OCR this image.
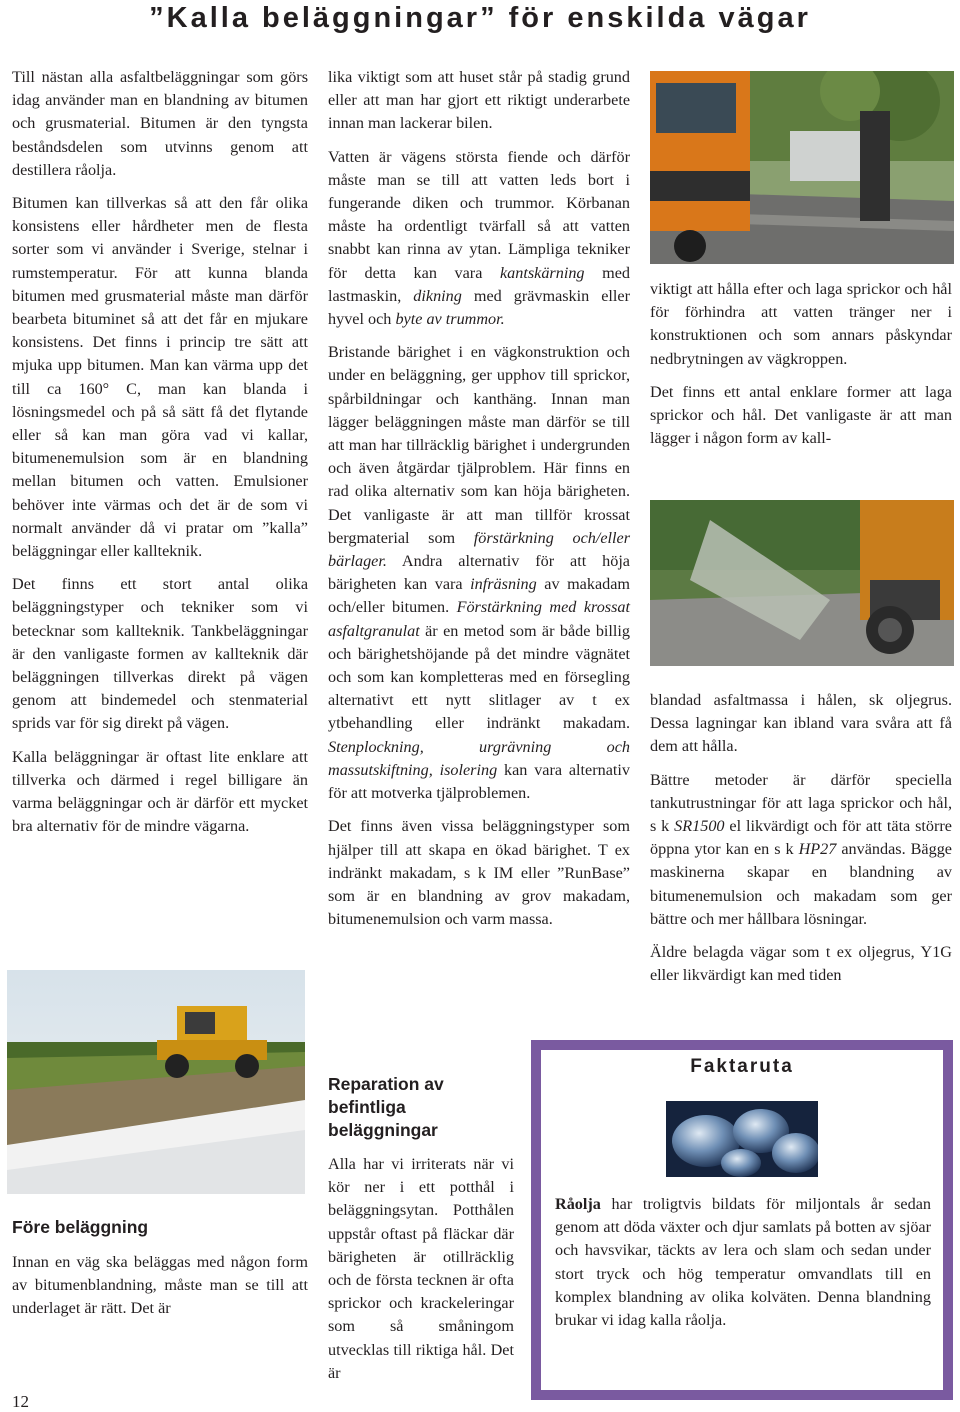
”Kalla beläggningar” för enskilda vägar

Till nästan alla asfaltbeläggningar som görs idag använder man en blandning av bitumen och grusmaterial. Bitumen är den tyngsta beståndsdelen som utvinns genom att destillera råolja.

Bitumen kan tillverkas så att den får olika konsistens eller hårdheter men de flesta sorter som vi använder i Sverige, stelnar i rumstemperatur. För att kunna blanda bitumen med grusmaterial måste man därför bearbeta bituminet så att det får en mjukare konsistens. Det finns i princip tre sätt att mjuka upp bitumen. Man kan värma upp det till ca 160° C, man kan blanda i lösningsmedel och på så sätt få det flytande eller så kan man göra vad vi kallar, bitumenemulsion som är en blandning mellan bitumen och vatten. Emulsioner behöver inte värmas och det är de som vi normalt använder då vi pratar om ”kalla” beläggningar eller kallteknik.

Det finns ett stort antal olika beläggningstyper och tekniker som vi betecknar som kallteknik. Tankbeläggningar är den vanligaste formen av kallteknik där beläggningen tillverkas direkt på vägen genom att bindemedel och stenmaterial sprids var för sig direkt på vägen.

Kalla beläggningar är oftast lite enklare att tillverka och därmed i regel billigare än varma beläggningar och är därför ett mycket bra alternativ för de mindre vägarna.

Före beläggning

Innan en väg ska beläggas med någon form av bitumenblandning, måste man se till att underlaget är rätt. Det är

lika viktigt som att huset står på stadig grund eller att man har gjort ett riktigt underarbete innan man lackerar bilen.

Vatten är vägens största fiende och därför måste man se till att vatten leds bort i fungerande diken och trummor. Körbanan måste ha ordentligt tvärfall så att vatten snabbt kan rinna av ytan. Lämpliga tekniker för detta kan vara kantskärning med lastmaskin, dikning med grävmaskin eller hyvel och byte av trummor.

Bristande bärighet i en vägkonstruktion och under en beläggning, ger upphov till sprickor, spårbildningar och kanthäng. Innan man lägger beläggningen måste man därför se till att man har tillräcklig bärighet i undergrunden och även åtgärdar tjälproblem. Här finns en rad olika alternativ som kan höja bärigheten. Det vanligaste är att man tillför krossat bergmaterial som förstärkning och/eller bärlager. Andra alternativ för att höja bärigheten kan vara infräsning av makadam och/eller bitumen. Förstärkning med krossat asfaltgranulat är en metod som är både billig och bärighetshöjande på det mindre vägnätet och som kan kompletteras med en försegling alternativt ett nytt slitlager av t ex ytbehandling eller indränkt makadam. Stenplockning, urgrävning och massutskiftning, isolering kan vara alternativ för att motverka tjälproblemen.

Det finns även vissa beläggningstyper som hjälper till att skapa en ökad bärighet. T ex indränkt makadam, s k IM eller ”RunBase” som är en blandning av grov makadam, bitumenemulsion och varm massa.

Reparation av befintliga beläggningar

Alla har vi irriterats när vi kör ner i ett potthål i beläggningsytan. Potthålen uppstår oftast på fläckar där bärigheten är otillräcklig och de första tecknen är ofta sprickor och krackeleringar som så småningom utvecklas till riktiga hål. Det är

viktigt att hålla efter och laga sprickor och hål för förhindra att vatten tränger ner i konstruktionen och som annars påskyndar nedbrytningen av vägkroppen.

Det finns ett antal enklare former att laga sprickor och hål. Det vanligaste är att man lägger i någon form av kall-

blandad asfaltmassa i hålen, sk oljegrus. Dessa lagningar kan ibland vara svåra att få dem att hålla.

Bättre metoder är därför speciella tankutrustningar för att laga sprickor och hål, s k SR1500 el likvärdigt och för att täta större öppna ytor kan en s k HP27 användas. Bägge maskinerna skapar en blandning av bitumenemulsion och makadam som ger bättre och mer hållbara lösningar.

Äldre belagda vägar som t ex oljegrus, Y1G eller likvärdigt kan med tiden

Faktaruta
Råolja har troligtvis bildats för miljontals år sedan genom att döda växter och djur samlats på botten av sjöar och havsvikar, täckts av lera och slam och sedan under stort tryck och hög temperatur omvandlats till en komplex blandning av olika kolväten. Denna blandning brukar vi idag kalla råolja.
12
